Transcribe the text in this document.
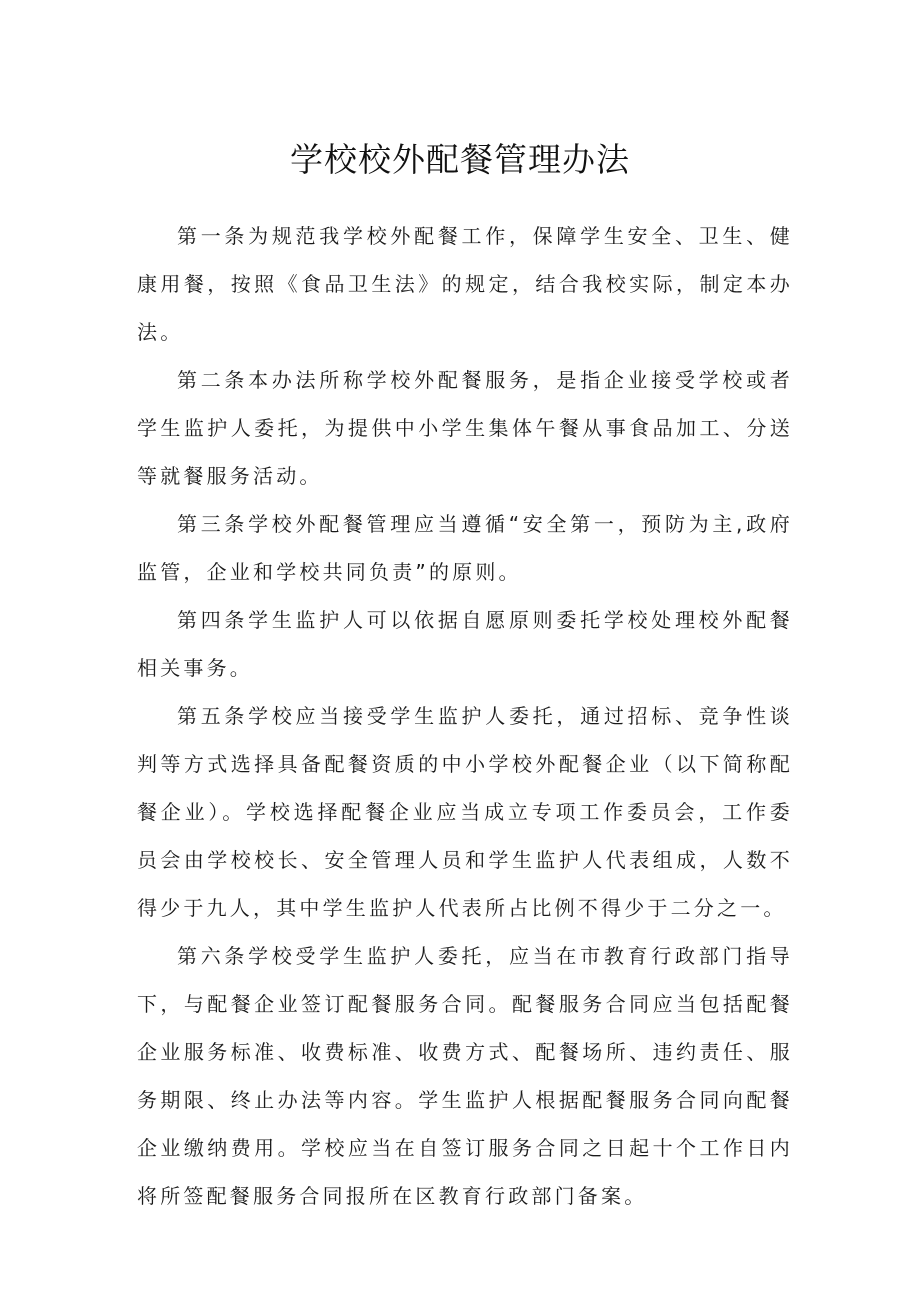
学校校外配餐管理办法

第一条为规范我学校外配餐工作，保障学生安全、卫生、健康用餐，按照《食品卫生法》的规定，结合我校实际，制定本办法。

第二条本办法所称学校外配餐服务，是指企业接受学校或者学生监护人委托，为提供中小学生集体午餐从事食品加工、分送等就餐服务活动。

第三条学校外配餐管理应当遵循“安全第一，预防为主,政府监管，企业和学校共同负责”的原则。

第四条学生监护人可以依据自愿原则委托学校处理校外配餐相关事务。

第五条学校应当接受学生监护人委托，通过招标、竞争性谈判等方式选择具备配餐资质的中小学校外配餐企业（以下简称配餐企业）。学校选择配餐企业应当成立专项工作委员会，工作委员会由学校校长、安全管理人员和学生监护人代表组成，人数不得少于九人，其中学生监护人代表所占比例不得少于二分之一。

第六条学校受学生监护人委托，应当在市教育行政部门指导下，与配餐企业签订配餐服务合同。配餐服务合同应当包括配餐企业服务标准、收费标准、收费方式、配餐场所、违约责任、服务期限、终止办法等内容。学生监护人根据配餐服务合同向配餐企业缴纳费用。学校应当在自签订服务合同之日起十个工作日内将所签配餐服务合同报所在区教育行政部门备案。
